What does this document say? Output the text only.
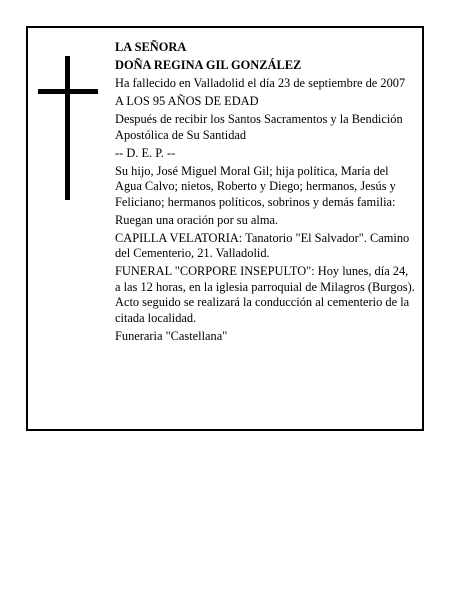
LA SEÑORA

DOÑA REGINA GIL GONZÁLEZ

Ha fallecido en Valladolid el día 23 de septiembre de 2007

A LOS 95 AÑOS DE EDAD

Después de recibir los Santos Sacramentos y la Bendición Apostólica de Su Santidad

-- D. E. P. --

Su hijo, José Miguel Moral Gil; hija política, María del Agua Calvo; nietos, Roberto y Diego; hermanos, Jesús y Feliciano; hermanos políticos, sobrinos y demás familia:

Ruegan una oración por su alma.

CAPILLA VELATORIA: Tanatorio "El Salvador". Camino del Cementerio, 21. Valladolid.

FUNERAL "CORPORE INSEPULTO": Hoy lunes, día 24, a las 12 horas, en la iglesia parroquial de Milagros (Burgos). Acto seguido se realizará la conducción al cementerio de la citada localidad.

Funeraria "Castellana"
